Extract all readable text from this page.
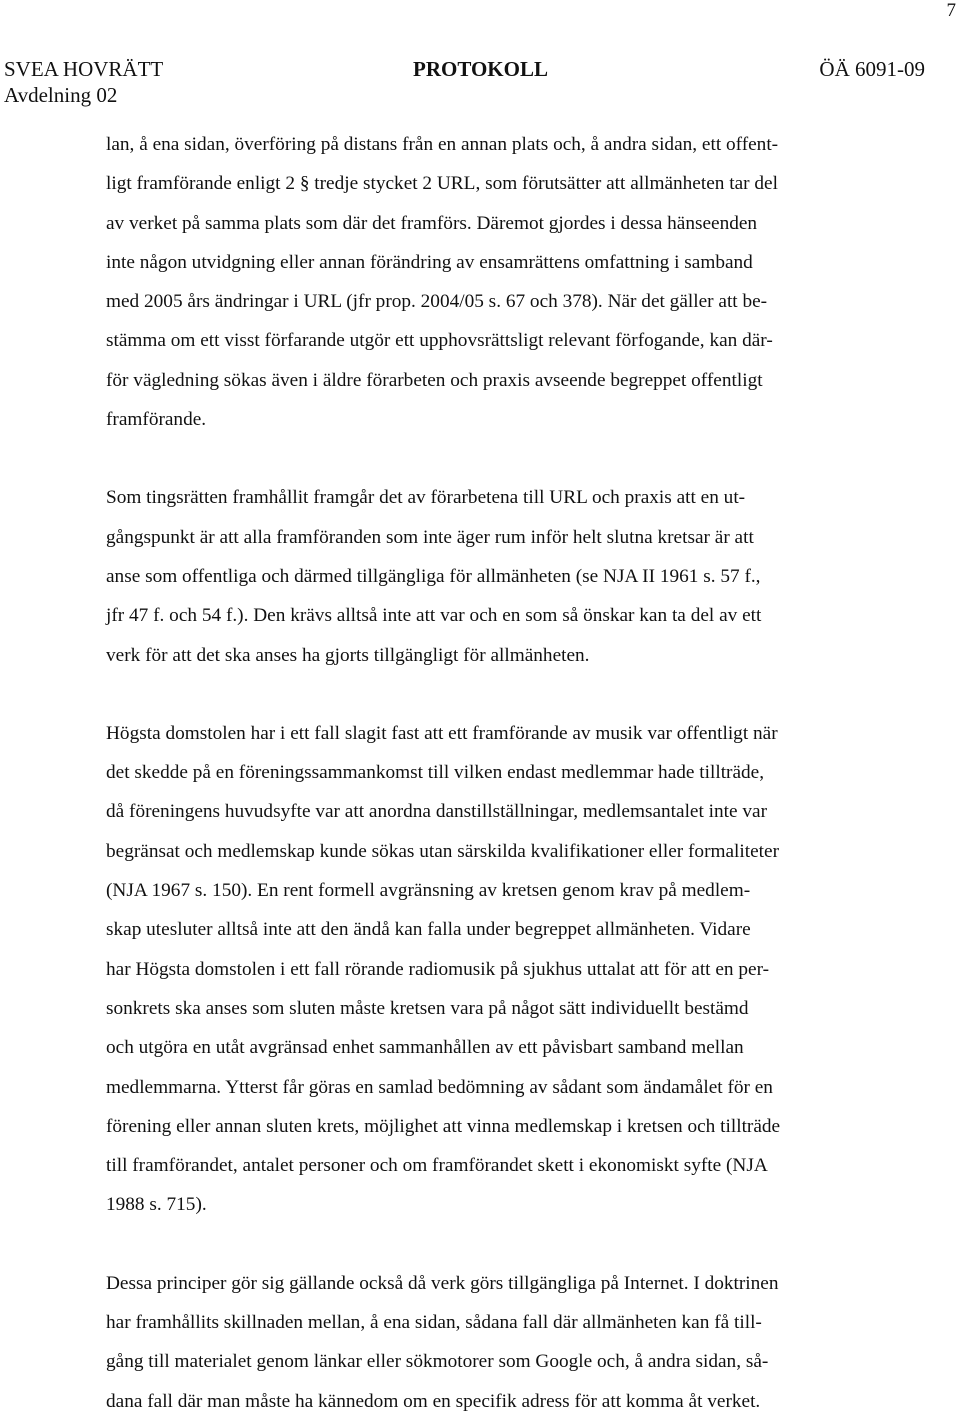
7
SVEA HOVRÄTT
Avdelning 02
PROTOKOLL	ÖÄ 6091-09

lan, å ena sidan, överföring på distans från en annan plats och, å andra sidan, ett offent-
ligt framförande enligt 2 § tredje stycket 2 URL, som förutsätter att allmänheten tar del
av verket på samma plats som där det framförs. Däremot gjordes i dessa hänseenden
inte någon utvidgning eller annan förändring av ensamrättens omfattning i samband
med 2005 års ändringar i URL (jfr prop. 2004/05 s. 67 och 378). När det gäller att be-
stämma om ett visst förfarande utgör ett upphovsrättsligt relevant förfogande, kan där-
för vägledning sökas även i äldre förarbeten och praxis avseende begreppet offentligt
framförande.

Som tingsrätten framhållit framgår det av förarbetena till URL och praxis att en ut-
gångspunkt är att alla framföranden som inte äger rum inför helt slutna kretsar är att
anse som offentliga och därmed tillgängliga för allmänheten (se NJA II 1961 s. 57 f.,
jfr 47 f. och 54 f.). Den krävs alltså inte att var och en som så önskar kan ta del av ett
verk för att det ska anses ha gjorts tillgängligt för allmänheten.

Högsta domstolen har i ett fall slagit fast att ett framförande av musik var offentligt när
det skedde på en föreningssammankomst till vilken endast medlemmar hade tillträde,
då föreningens huvudsyfte var att anordna danstillställningar, medlemsantalet inte var
begränsat och medlemskap kunde sökas utan särskilda kvalifikationer eller formaliteter
(NJA 1967 s. 150). En rent formell avgränsning av kretsen genom krav på medlem-
skap utesluter alltså inte att den ändå kan falla under begreppet allmänheten. Vidare
har Högsta domstolen i ett fall rörande radiomusik på sjukhus uttalat att för att en per-
sonkrets ska anses som sluten måste kretsen vara på något sätt individuellt bestämd
och utgöra en utåt avgränsad enhet sammanhållen av ett påvisbart samband mellan
medlemmarna. Ytterst får göras en samlad bedömning av sådant som ändamålet för en
förening eller annan sluten krets, möjlighet att vinna medlemskap i kretsen och tillträde
till framförandet, antalet personer och om framförandet skett i ekonomiskt syfte (NJA
1988 s. 715).

Dessa principer gör sig gällande också då verk görs tillgängliga på Internet. I doktrinen
har framhållits skillnaden mellan, å ena sidan, sådana fall där allmänheten kan få till-
gång till materialet genom länkar eller sökmotorer som Google och, å andra sidan, så-
dana fall där man måste ha kännedom om en specifik adress för att komma åt verket.
